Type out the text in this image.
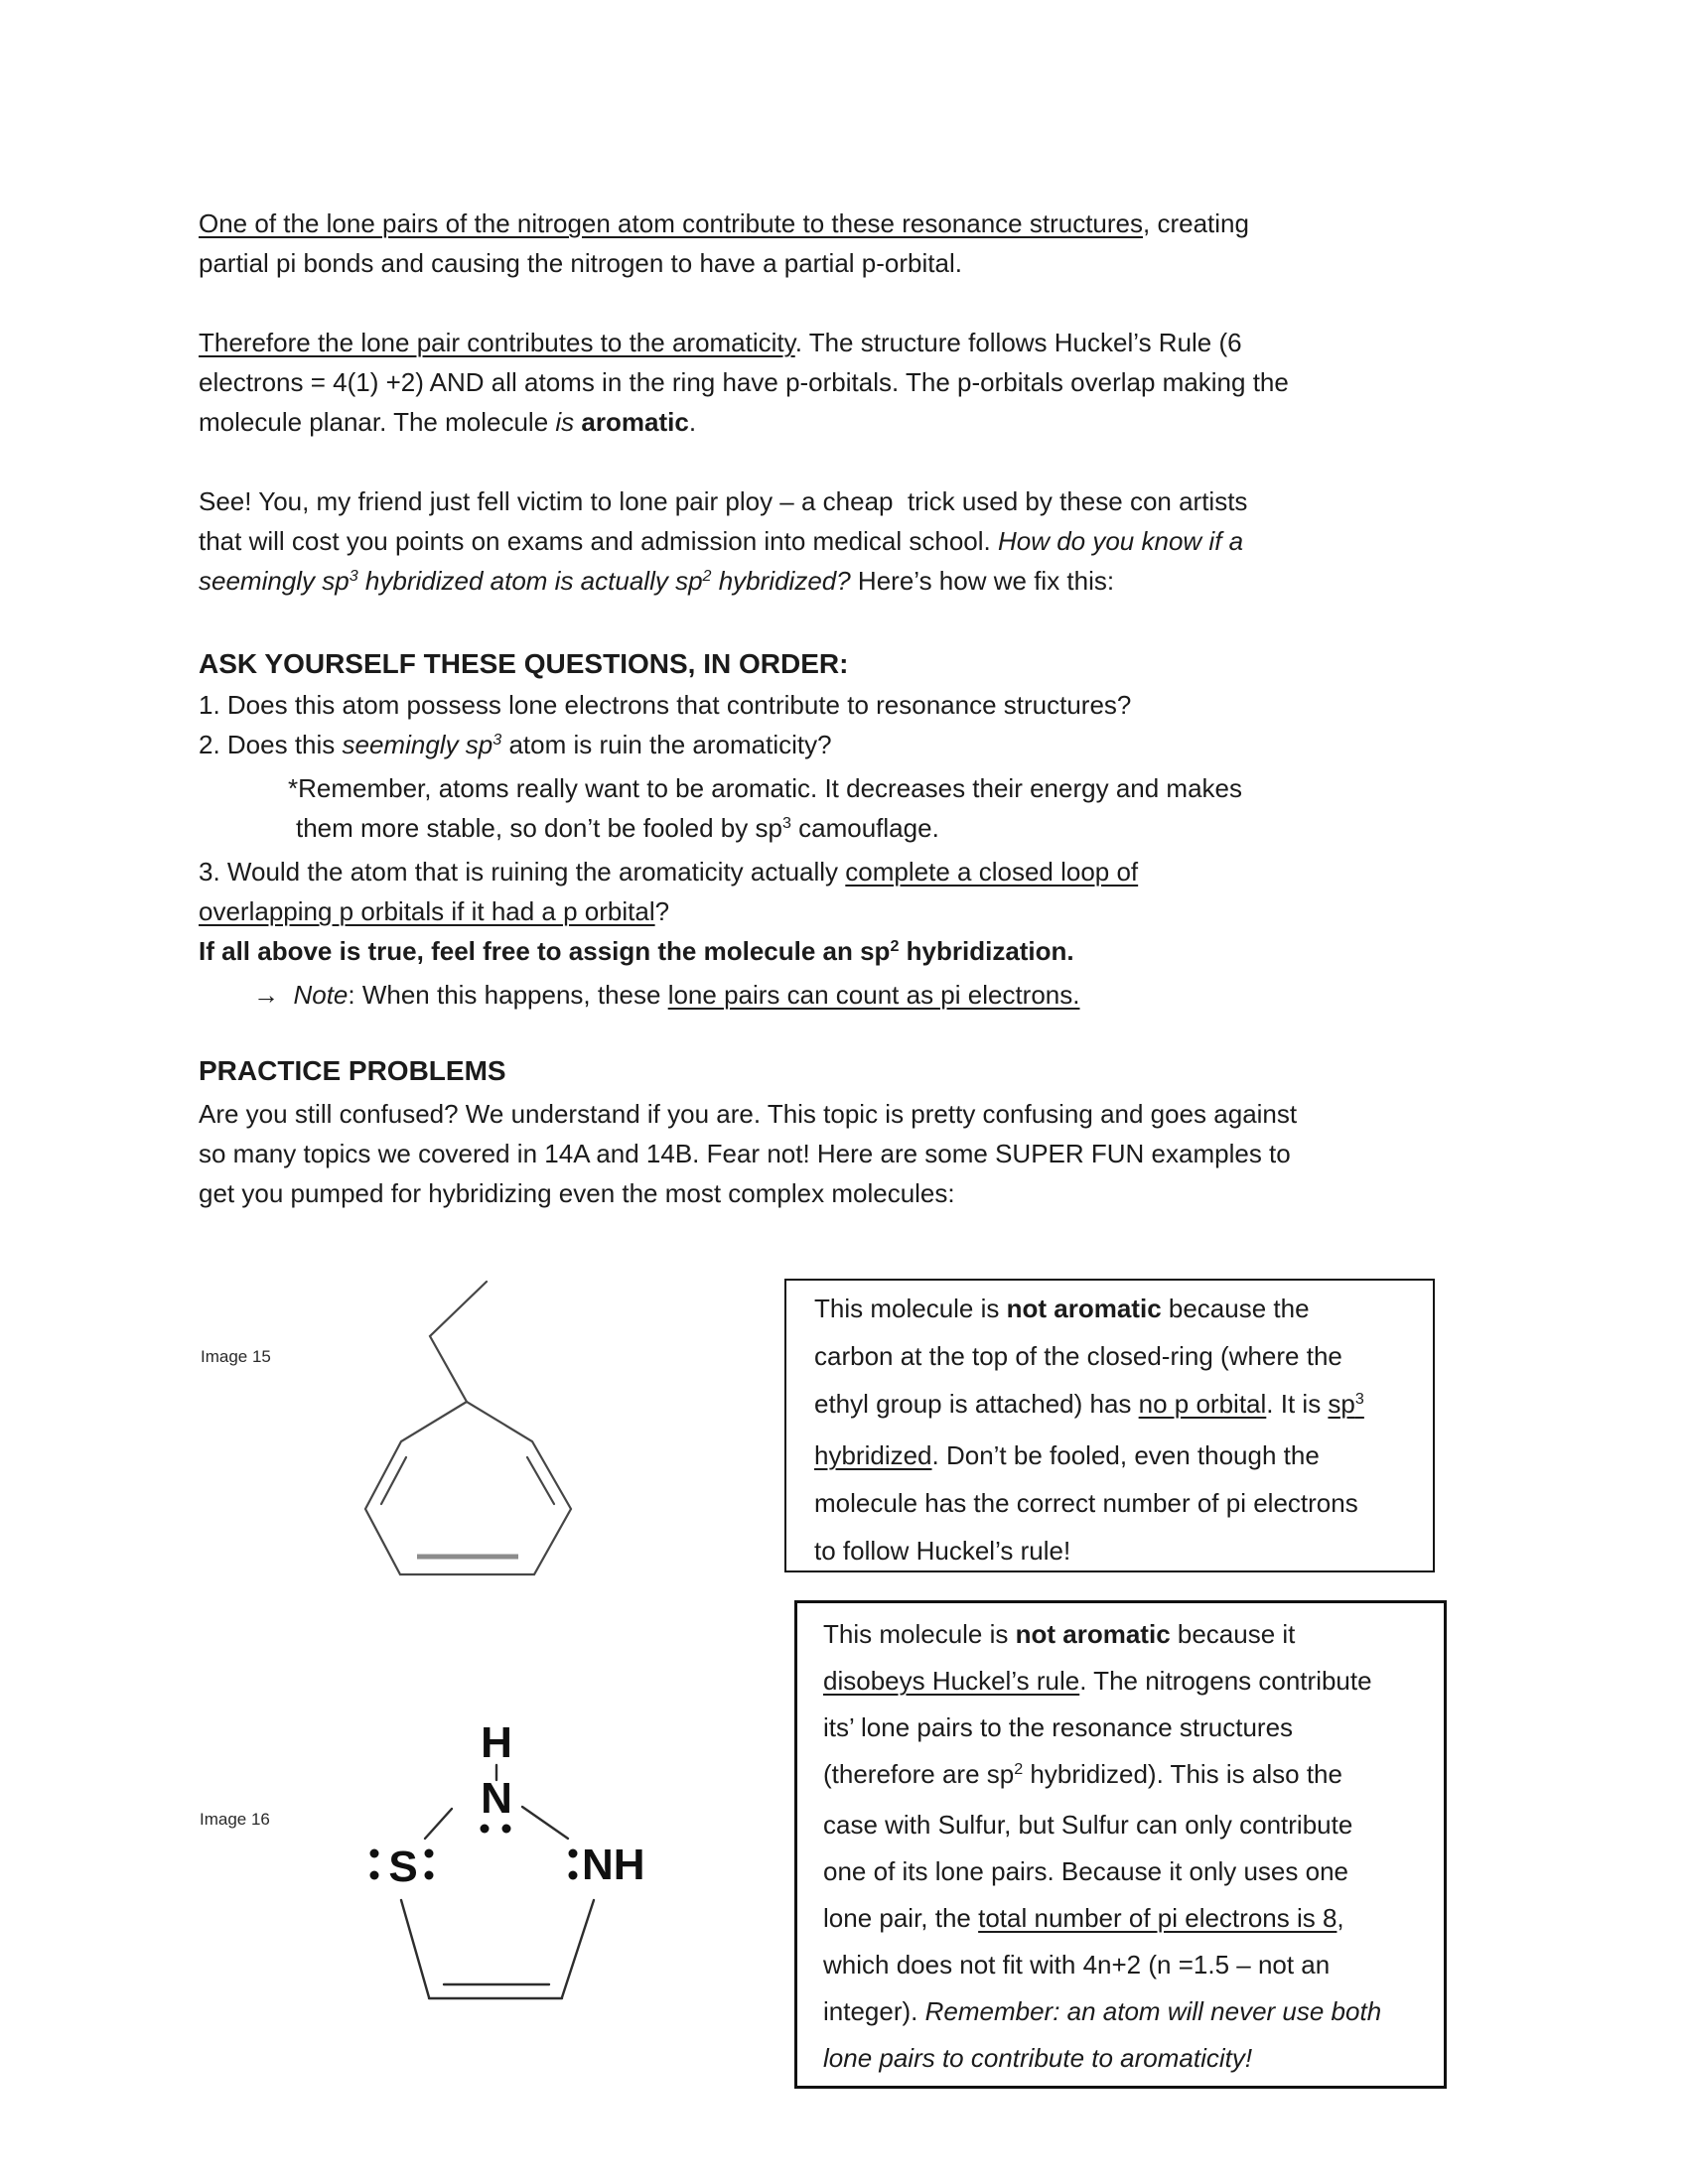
One of the lone pairs of the nitrogen atom contribute to these resonance structures, creating
partial pi bonds and causing the nitrogen to have a partial p-orbital.
Therefore the lone pair contributes to the aromaticity. The structure follows Huckel’s Rule (6
electrons = 4(1) +2) AND all atoms in the ring have p-orbitals. The p-orbitals overlap making the
molecule planar. The molecule is aromatic.
See! You, my friend just fell victim to lone pair ploy – a cheap  trick used by these con artists
that will cost you points on exams and admission into medical school. How do you know if a
seemingly $sp^3$ hybridized atom is actually $sp^2$ hybridized? Here’s how we fix this:
ASK YOURSELF THESE QUESTIONS, IN ORDER:
1. Does this atom possess lone electrons that contribute to resonance structures?
2. Does this seemingly $sp^3$ atom is ruin the aromaticity?
*Remember, atoms really want to be aromatic. It decreases their energy and makes
them more stable, so don’t be fooled by $sp^3$ camouflage.
3. Would the atom that is ruining the aromaticity actually complete a closed loop of
overlapping p orbitals if it had a p orbital?
If all above is true, feel free to assign the molecule an $sp^2$ hybridization.
→  Note: When this happens, these lone pairs can count as pi electrons.
PRACTICE PROBLEMS
Are you still confused? We understand if you are. This topic is pretty confusing and goes against
so many topics we covered in 14A and 14B. Fear not! Here are some SUPER FUN examples to
get you pumped for hybridizing even the most complex molecules:
Image 15
Image 16
This molecule is not aromatic because the
carbon at the top of the closed-ring (where the
ethyl group is attached) has no p orbital. It is $sp^3$
hybridized. Don’t be fooled, even though the
molecule has the correct number of pi electrons
to follow Huckel’s rule!
This molecule is not aromatic because it
disobeys Huckel’s rule. The nitrogens contribute
its’ lone pairs to the resonance structures
(therefore are $sp^2$ hybridized). This is also the
case with Sulfur, but Sulfur can only contribute
one of its lone pairs. Because it only uses one
lone pair, the total number of pi electrons is 8,
which does not fit with 4n+2 (n =1.5 – not an
integer). Remember: an atom will never use both
lone pairs to contribute to aromaticity!
H
N
S	NH
